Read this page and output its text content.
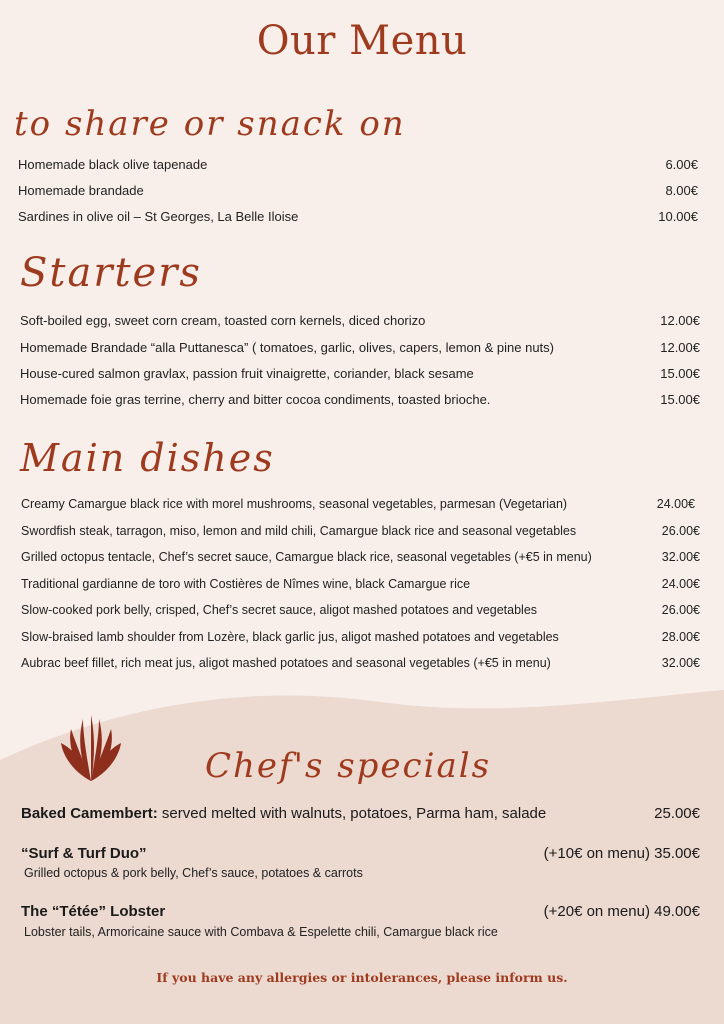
Our Menu
to share or snack on
Homemade black olive tapenade	6.00€
Homemade brandade	8.00€
Sardines in olive oil – St Georges, La Belle Iloise	10.00€
Starters
Soft-boiled egg, sweet corn cream, toasted corn kernels, diced chorizo	12.00€
Homemade Brandade “alla Puttanesca” ( tomatoes, garlic, olives, capers, lemon & pine nuts)	12.00€
House-cured salmon gravlax, passion fruit vinaigrette, coriander, black sesame	15.00€
Homemade foie gras terrine, cherry and bitter cocoa condiments, toasted brioche.	15.00€
Main dishes
Creamy Camargue black rice with morel mushrooms, seasonal vegetables, parmesan (Vegetarian)	24.00€
Swordfish steak, tarragon, miso, lemon and mild chili, Camargue black rice and seasonal vegetables	26.00€
Grilled octopus tentacle, Chef’s secret sauce, Camargue black rice, seasonal vegetables (+€5 in menu)	32.00€
Traditional gardianne de toro with Costières de Nîmes wine, black Camargue rice	24.00€
Slow-cooked pork belly, crisped, Chef’s secret sauce, aligot mashed potatoes and vegetables	26.00€
Slow-braised lamb shoulder from Lozère, black garlic jus, aligot mashed potatoes and vegetables	28.00€
Aubrac beef fillet, rich meat jus, aligot mashed potatoes and seasonal vegetables (+€5 in menu)	32.00€
Chef's specials
Baked Camembert: served melted with walnuts, potatoes, Parma ham, salade	25.00€
“Surf & Turf Duo”	(+10€ on menu) 35.00€
Grilled octopus & pork belly, Chef’s sauce, potatoes & carrots
The “Tétée” Lobster	(+20€ on menu) 49.00€
Lobster tails, Armoricaine sauce with Combava & Espelette chili, Camargue black rice
If you have any allergies or intolerances, please inform us.
